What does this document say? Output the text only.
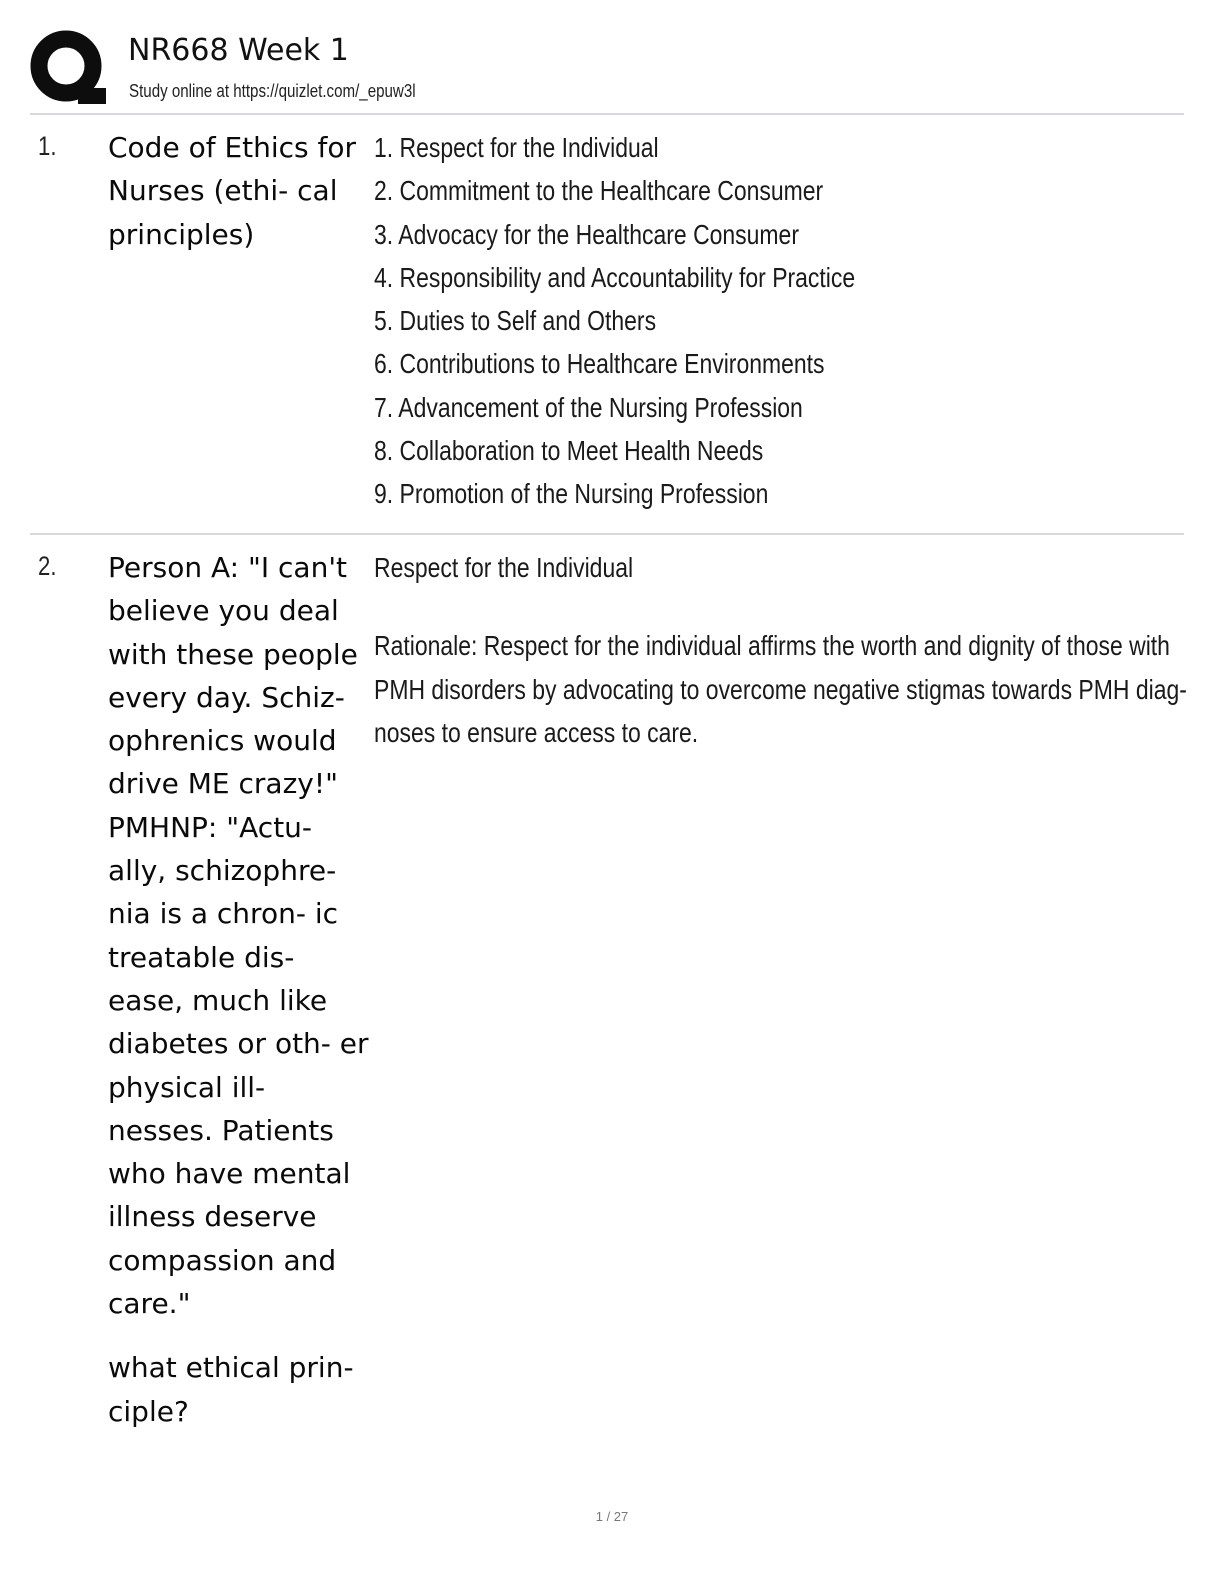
NR668 Week 1
Study online at https://quizlet.com/_epuw3l
1. Code of Ethics for Nurses (ethi- cal principles)
1. Respect for the Individual
2. Commitment to the Healthcare Consumer
3. Advocacy for the Healthcare Consumer
4. Responsibility and Accountability for Practice
5. Duties to Self and Others
6. Contributions to Healthcare Environments
7. Advancement of the Nursing Profession
8. Collaboration to Meet Health Needs
9. Promotion of the Nursing Profession
2. Person A: "I can't believe you deal with these people every day. Schiz- ophrenics would drive ME crazy!" PMHNP: "Actu- ally, schizophre- nia is a chron- ic treatable dis- ease, much like diabetes or oth- er physical ill- nesses. Patients who have mental illness deserve compassion and care."

what ethical prin- ciple?

Respect for the Individual
Rationale: Respect for the individual affirms the worth and dignity of those with
PMH disorders by advocating to overcome negative stigmas towards PMH diag-
noses to ensure access to care.
1 / 27
